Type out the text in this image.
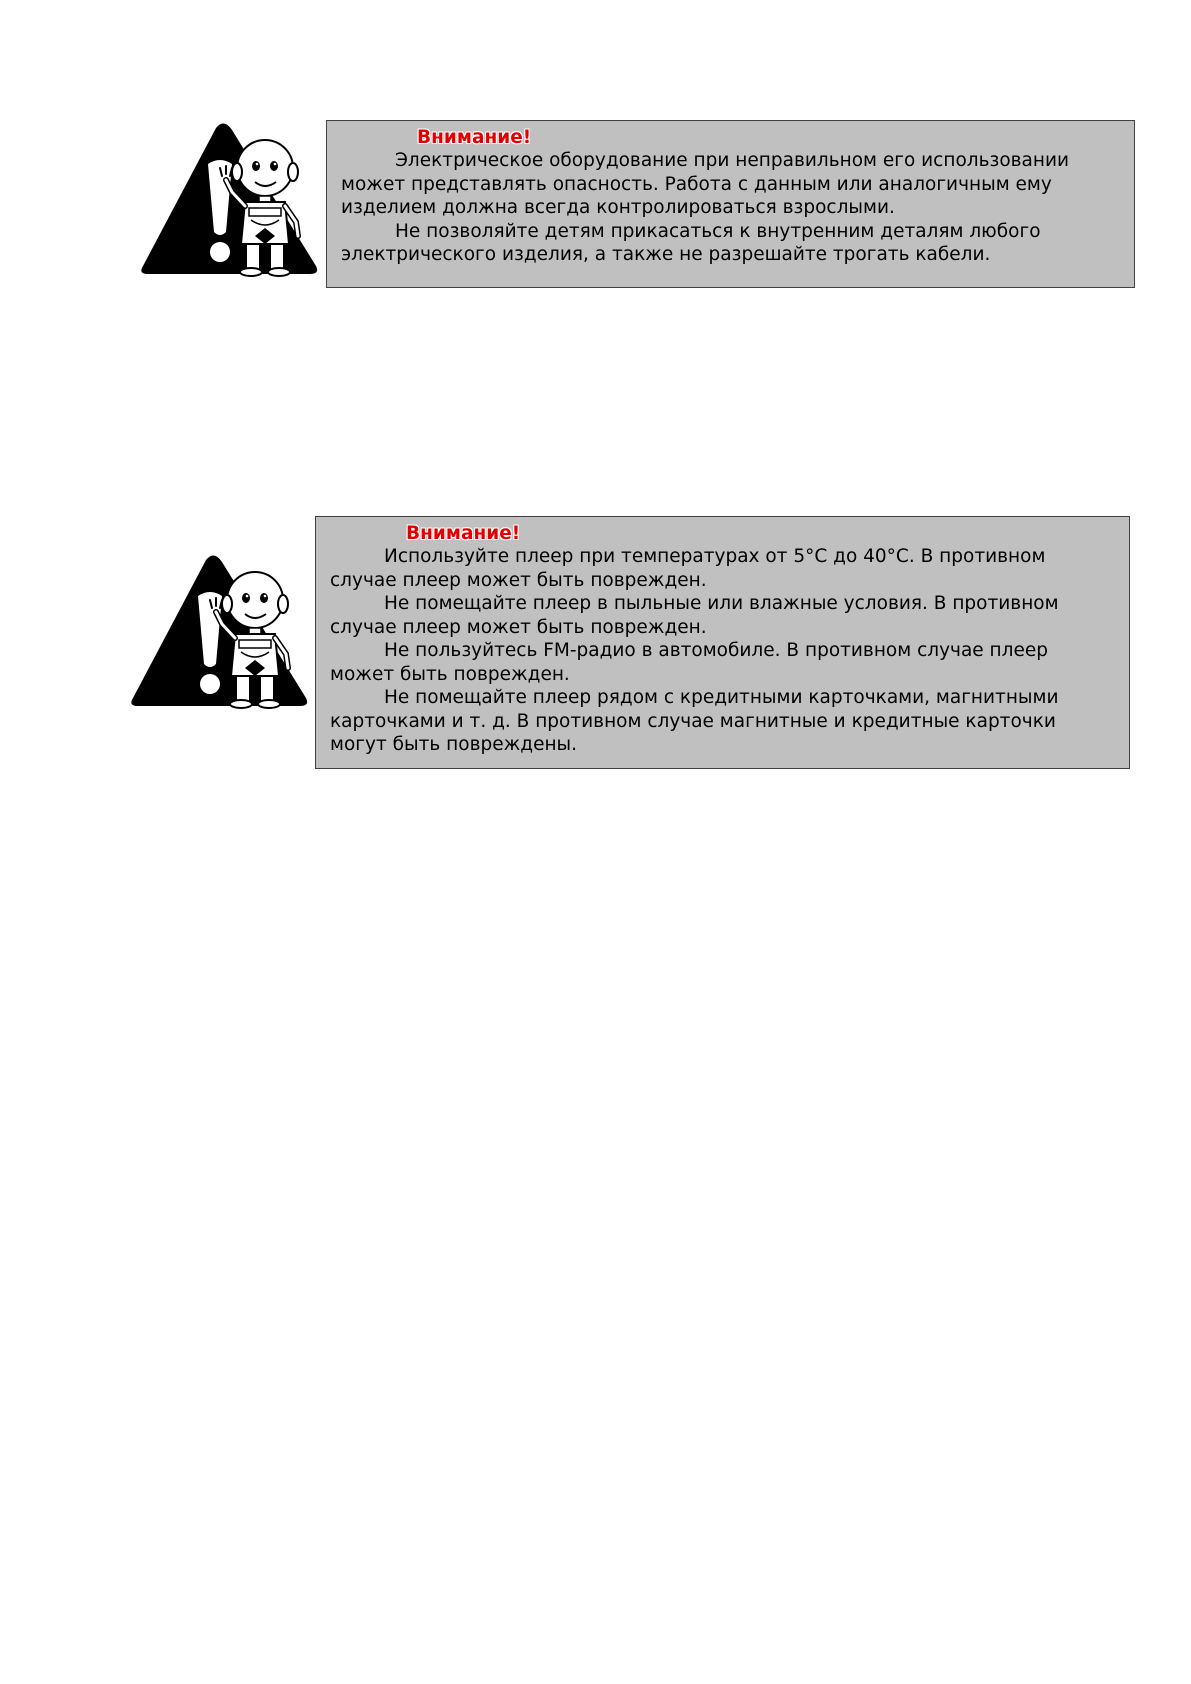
Внимание!

Электрическое оборудование при неправильном его использовании может представлять опасность. Работа с данным или аналогичным ему изделием должна всегда контролироваться взрослыми.

Не позволяйте детям прикасаться к внутренним деталям любого электрического изделия, а также не разрешайте трогать кабели.

Внимание!

Используйте плеер при температурах от 5°C до 40°C. В противном случае плеер может быть поврежден.

Не помещайте плеер в пыльные или влажные условия. В противном случае плеер может быть поврежден.

Не пользуйтесь FM-радио в автомобиле. В противном случае плеер может быть поврежден.

Не помещайте плеер рядом с кредитными карточками, магнитными карточками и т. д. В противном случае магнитные и кредитные карточки могут быть повреждены.
